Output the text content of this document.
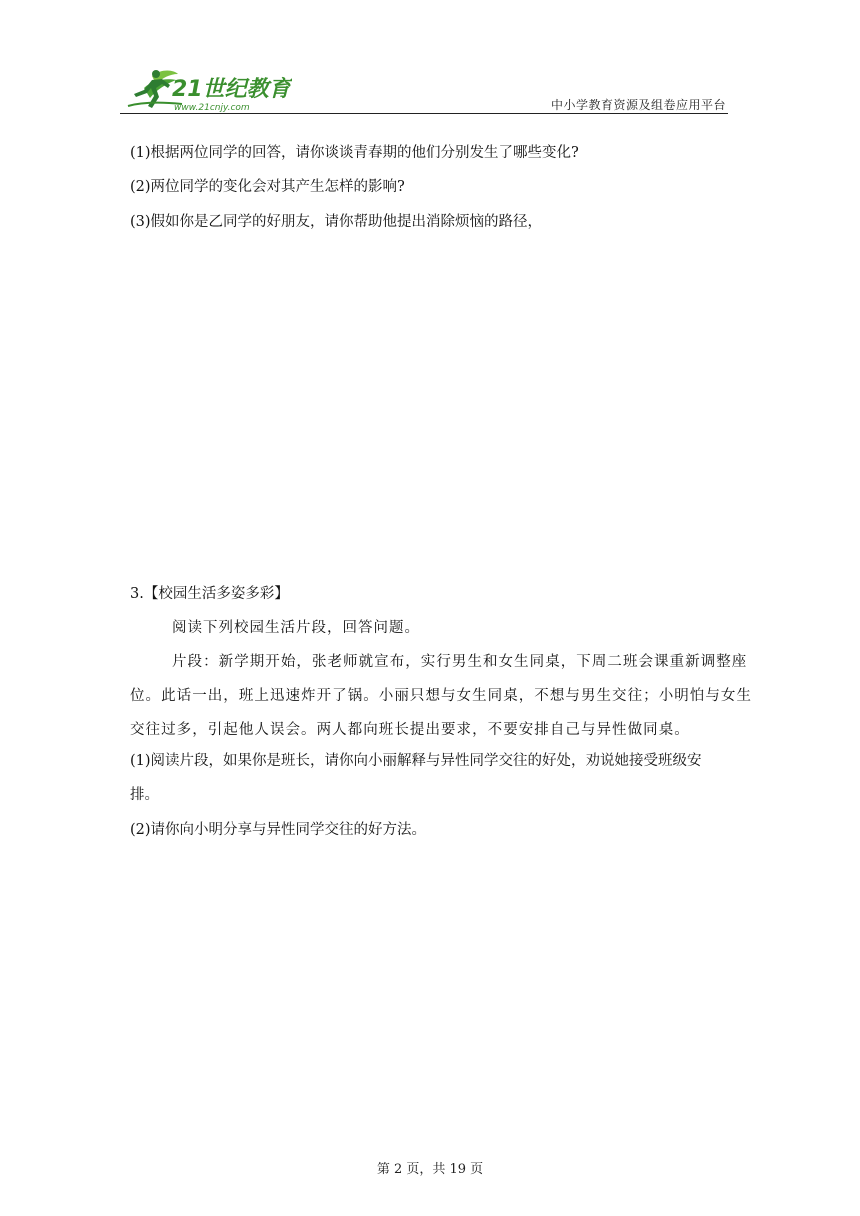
21世纪教育
www.21cnjy.com	中小学教育资源及组卷应用平台
(1)根据两位同学的回答，请你谈谈青春期的他们分别发生了哪些变化?
(2)两位同学的变化会对其产生怎样的影响?
(3)假如你是乙同学的好朋友，请你帮助他提出消除烦恼的路径，
3.【校园生活多姿多彩】
阅读下列校园生活片段，回答问题。
片段：新学期开始，张老师就宣布，实行男生和女生同桌，下周二班会课重新调整座
位。此话一出，班上迅速炸开了锅。小丽只想与女生同桌，不想与男生交往；小明怕与女生
交往过多，引起他人误会。两人都向班长提出要求，不要安排自己与异性做同桌。
(1)阅读片段，如果你是班长，请你向小丽解释与异性同学交往的好处，劝说她接受班级安
排。
(2)请你向小明分享与异性同学交往的好方法。
第 2 页，共 19 页
